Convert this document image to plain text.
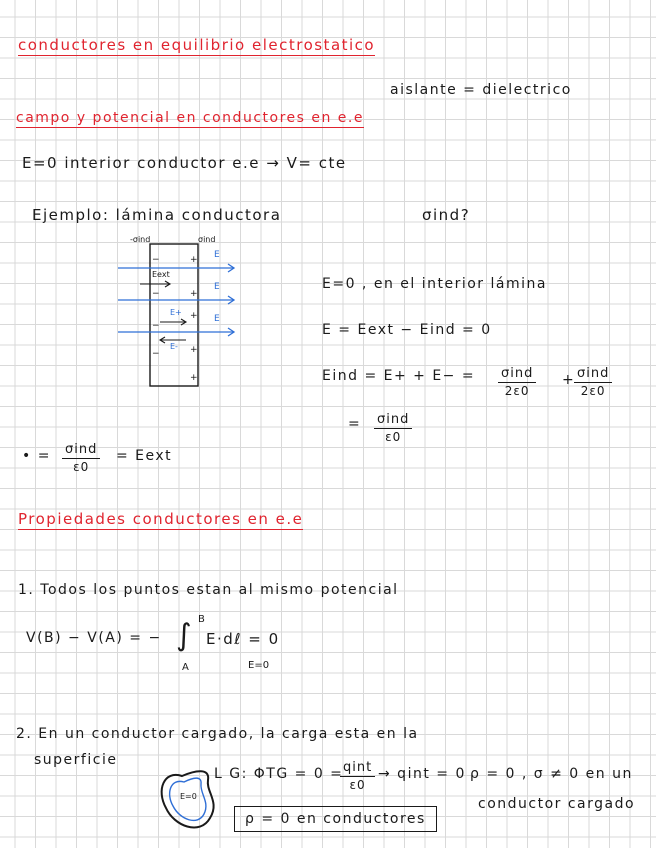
conductores en equilibrio electrostatico
aislante = dielectrico
campo y potencial en conductores en e.e
E=0 interior conductor e.e → V= cte
Ejemplo: lámina conductora	σind?
−	+
−	+
−
+
−	+
+
-σind	σind
Eext
E+
E-
E
E
E
E=0 , en el interior lámina
E = Eext − Eind = 0
Eind = E+ + E− = σind
2ε0
+ σind
2ε0
= σind
ε0
• = σind
ε0
= Eext
Propiedades conductores en e.e
1. Todos los puntos estan al mismo potencial
V(B) − V(A) = − ∫ B
A
E·dℓ = 0
E=0
2. En un conductor cargado, la carga esta en la
superficie
E=0
L G: ΦTG = 0 = qint
ε0
→ qint = 0 ρ = 0 , σ ≠ 0 en un
conductor cargado
ρ = 0 en conductores
